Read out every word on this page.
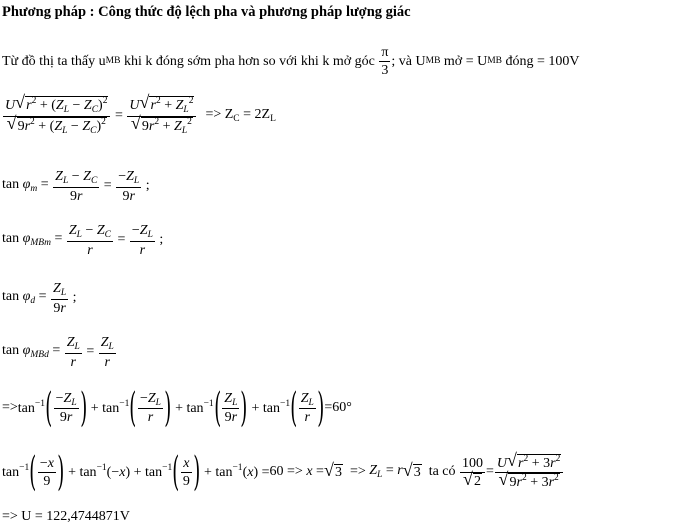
Phương pháp : Công thức độ lệch pha và phương pháp lượng giác
Từ đồ thị ta thấy u MB khi k đóng sớm pha hơn so với khi k mở góc $\frac{\pi}{3}$ ; và U MB mở = U MB đóng = 100V
U√ $r^2 + (Z_L - Z_C)^2$
√ $9r^2 + (Z_L - Z_C)^2 = U√$ $r^2 + Z_L^2$
√ $9r^2 + Z_L^2 => Z_C = 2Z_L$
$\tan \varphi_m = \frac{Z_L - Z_C}{9r} = \frac{-Z_L}{9r}$
;
$\tan \varphi_{MBm} = \frac{Z_L - Z_C}{r} = \frac{-Z_L}{r}$
;
$\tan \varphi_d = \frac{Z_L}{9r}$
;
$\tan \varphi_{MBd} = \frac{Z_L}{r} = \frac{Z_L}{r}$
=> $\tan^{-1}$ ( $\frac{-Z_L}{9r}$ ) + $\tan^{-1}$ ( $\frac{-Z_L}{r}$ ) + $\tan^{-1}$ ( $\frac{Z_L}{9r}$ ) + $\tan^{-1}$ ( $\frac{Z_L}{r}$ ) =60°
$\tan^{-1}$ ( $\frac{-x}{9}$ ) + $\tan^{-1}(-x) + \tan^{-1}$ ( $\frac{x}{9}$ ) + $\tan^{-1}(x) = 60$
=> x =
√ 3
=> $Z_L = r$
√ 3
ta có
100
√ 2 = U√ $r^2 + 3r^2$
√ $9r^2 + 3r^2$
=> U = 122,4744871V
